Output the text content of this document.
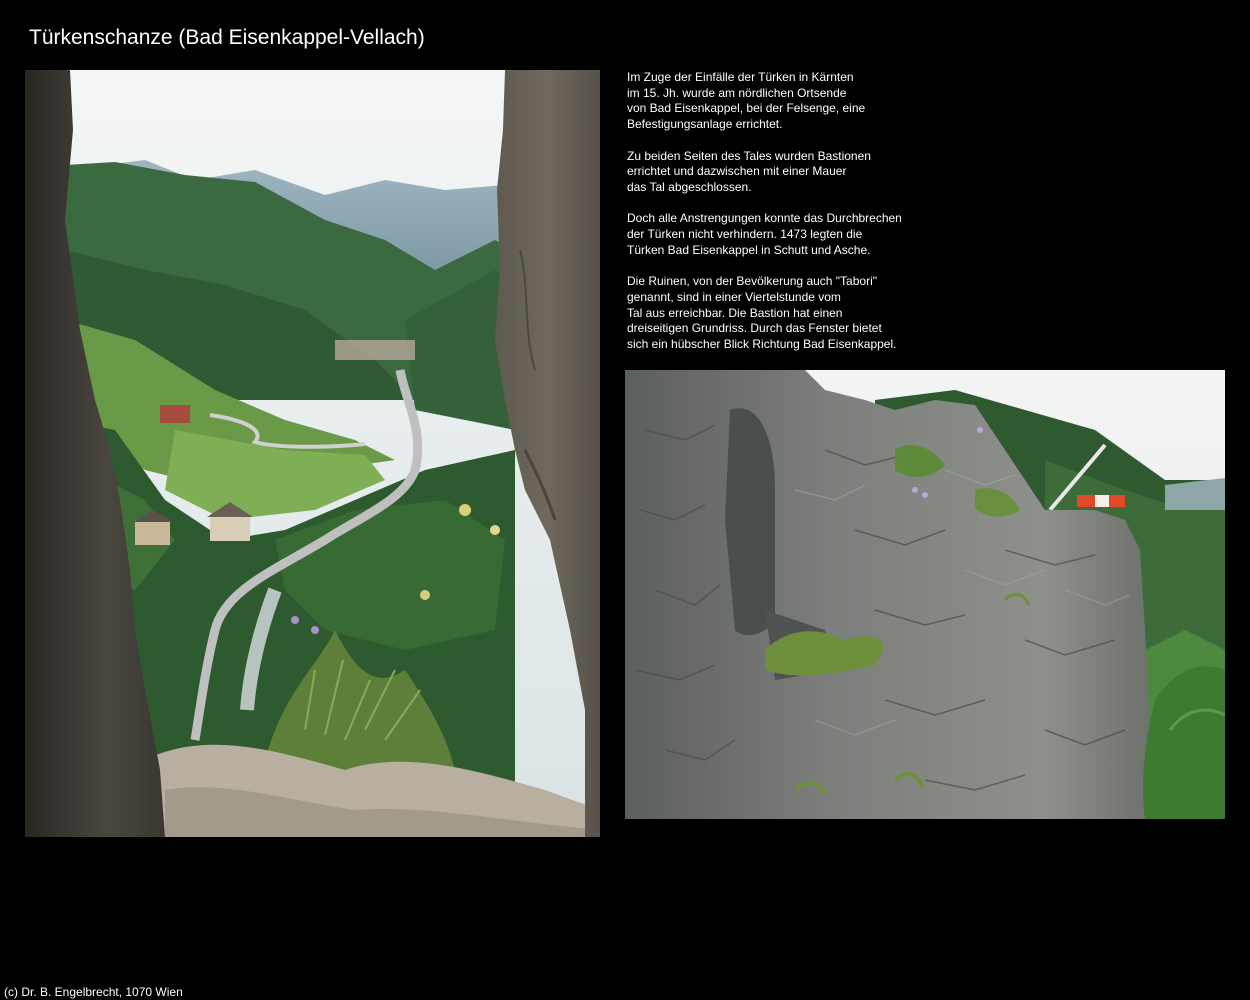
Türkenschanze (Bad Eisenkappel-Vellach)

Im Zuge der Einfälle der Türken in Kärnten
im 15. Jh. wurde am nördlichen Ortsende
von Bad Eisenkappel, bei der Felsenge, eine
Befestigungsanlage errichtet.

Zu beiden Seiten des Tales wurden Bastionen
errichtet und dazwischen mit einer Mauer
das Tal abgeschlossen.

Doch alle Anstrengungen konnte das Durchbrechen
der Türken nicht verhindern. 1473 legten die
Türken Bad Eisenkappel in Schutt und Asche.

Die Ruinen, von der Bevölkerung auch "Tabori"
genannt, sind in einer Viertelstunde vom
Tal aus erreichbar. Die Bastion hat einen
dreiseitigen Grundriss. Durch das Fenster bietet
sich ein hübscher Blick Richtung Bad Eisenkappel.

(c) Dr. B. Engelbrecht, 1070 Wien
